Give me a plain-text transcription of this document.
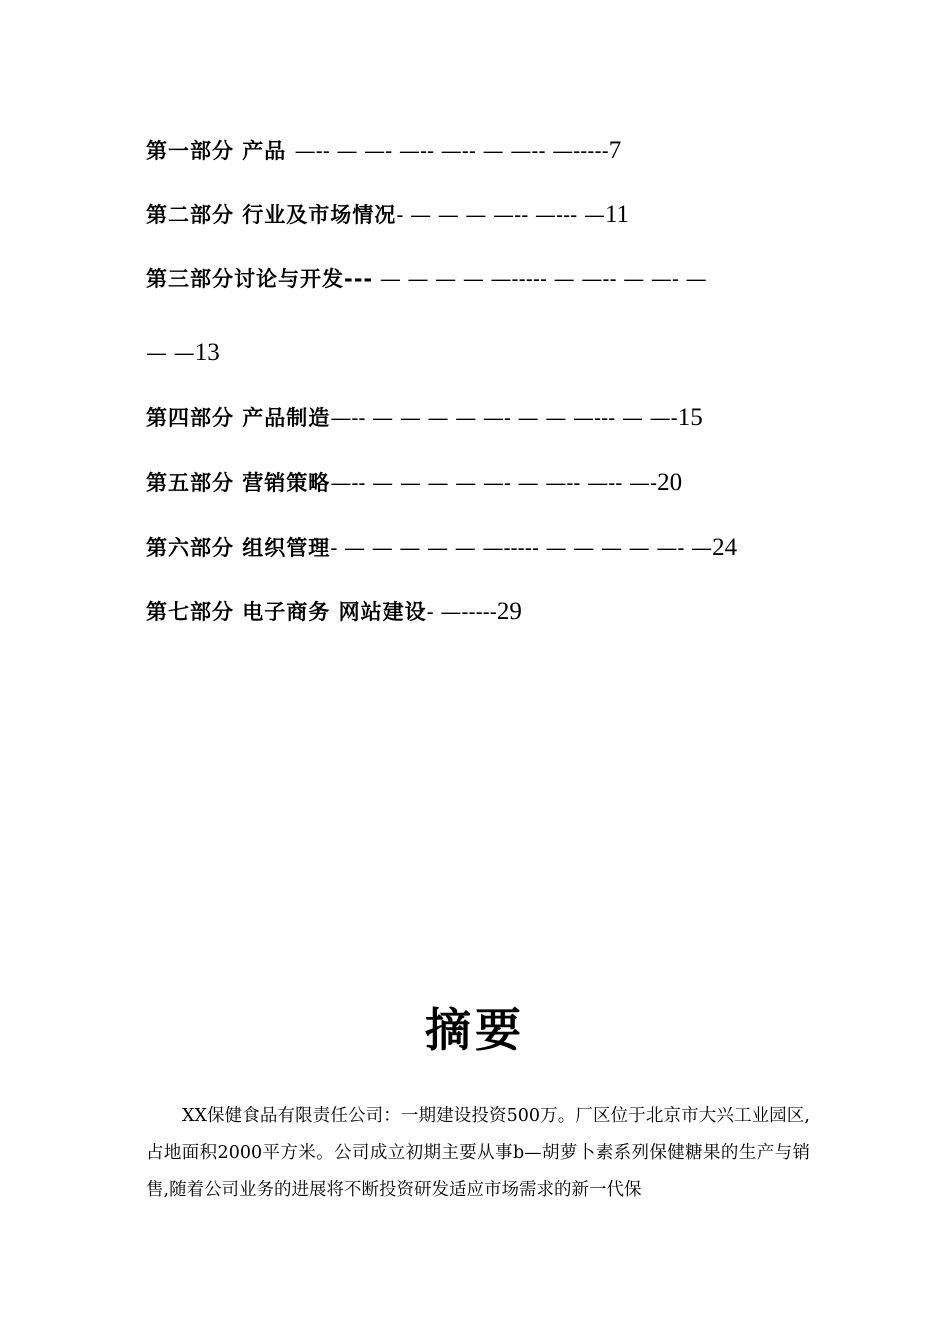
第一部分 产品 —-- — —- —-- —-- — —-- —-----7
第二部分 行业及市场情况- — — — —-- —--- —11
第三部分讨论与开发--- — — — — —----- — —-- — —- —
— —13
第四部分 产品制造—-- — — — — —- — — —--- — —-15
第五部分 营销策略—-- — — — — —- — —-- —-- —-20
第六部分 组织管理- — — — — — —----- — — — — —- —24
第七部分 电子商务 网站建设- —-----29
摘要
XX保健食品有限责任公司：一期建设投资500万。厂区位于北京市大兴工业园区,占地面积2000平方米。公司成立初期主要从事b—胡萝卜素系列保健糖果的生产与销售,随着公司业务的进展将不断投资研发适应市场需求的新一代保
